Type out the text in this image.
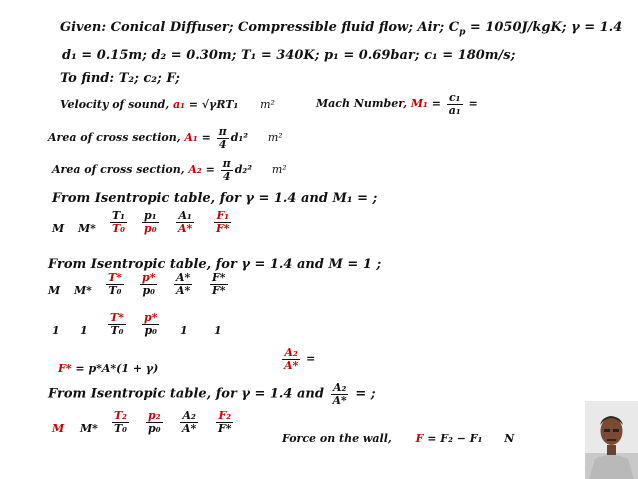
Given: Conical Diffuser; Compressible fluid flow; Air; $C_p = 1050J/kgK$; γ = 1.4
d₁ = 0.15m; d₂ = 0.30m; T₁ = 340K; p₁ = 0.69bar; c₁ = 180m/s;
To find: T₂; c₂; F;
Velocity of sound, a₁ = √γRT₁ m²	Mach Number, $M_1 = \frac{\text{c₁}}{\text{a₁}}$ =
Area of cross section, $A_1 = \frac{\pi}{4} d_1^2$ m²
Area of cross section, $A_2 = \frac{\pi}{4} d_2^2$ m²
From Isentropic table, for γ = 1.4 and M₁ = ;
M $M* \frac{\text{T₁}}{\text{T₀}} \frac{\text{p₁}}{\text{p₀}} \frac{\text{A₁}}{A*} \frac{\text{F₁}}{F*}$
From Isentropic table, for γ = 1.4 and M = 1 ;
M $M* \frac{T*}{\text{T₀}} \frac{p*}{\text{p₀}} \frac{A*}{A*} \frac{F*}{F*}$
1 $1 \frac{T*}{\text{T₀}} \frac{p*}{\text{p₀}} 1$ 1
F* = p*A*(1 + γ)	$\frac{\text{A₂}}{A*}$ =
From Isentropic table, for γ = 1.4 and $\frac{\text{A₂}}{A*}$ = ;
M $M* \frac{\text{T₂}}{\text{T₀}} \frac{\text{p₂}}{\text{p₀}} \frac{\text{A₂}}{A*} \frac{\text{F₂}}{F*}$
Force on the wall, F = F₂ − F₁ N
